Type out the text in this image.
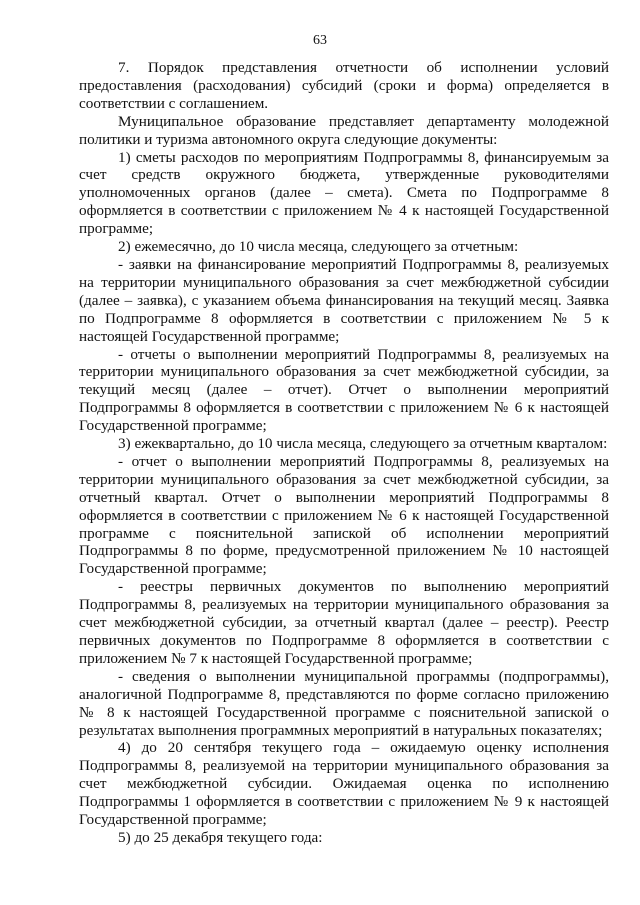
63

7. Порядок представления отчетности об исполнении условий предоставления (расходования) субсидий (сроки и форма) определяется в соответствии с соглашением.

Муниципальное образование представляет департаменту молодежной политики и туризма автономного округа следующие документы:

1) сметы расходов по мероприятиям Подпрограммы 8, финансируемым за счет средств окружного бюджета, утвержденные руководителями уполномоченных органов (далее – смета). Смета по Подпрограмме 8 оформляется в соответствии с приложением № 4 к настоящей Государственной программе;

2) ежемесячно, до 10 числа месяца, следующего за отчетным:

- заявки на финансирование мероприятий Подпрограммы 8, реализуемых на территории муниципального образования за счет межбюджетной субсидии (далее – заявка), с указанием объема финансирования на текущий месяц. Заявка по Подпрограмме 8 оформляется в соответствии с приложением № 5 к настоящей Государственной программе;

- отчеты о выполнении мероприятий Подпрограммы 8, реализуемых на территории муниципального образования за счет межбюджетной субсидии, за текущий месяц (далее – отчет). Отчет о выполнении мероприятий Подпрограммы 8 оформляется в соответствии с приложением № 6 к настоящей Государственной программе;

3) ежеквартально, до 10 числа месяца, следующего за отчетным кварталом:

- отчет о выполнении мероприятий Подпрограммы 8, реализуемых на территории муниципального образования за счет межбюджетной субсидии, за отчетный квартал. Отчет о выполнении мероприятий Подпрограммы 8 оформляется в соответствии с приложением № 6 к настоящей Государственной программе с пояснительной запиской об исполнении мероприятий Подпрограммы 8 по форме, предусмотренной приложением № 10 настоящей Государственной программе;

- реестры первичных документов по выполнению мероприятий Подпрограммы 8, реализуемых на территории муниципального образования за счет межбюджетной субсидии, за отчетный квартал (далее – реестр). Реестр первичных документов по Подпрограмме 8 оформляется в соответствии с приложением № 7 к настоящей Государственной программе;

- сведения о выполнении муниципальной программы (подпрограммы), аналогичной Подпрограмме 8, представляются по форме согласно приложению № 8 к настоящей Государственной программе с пояснительной запиской о результатах выполнения программных мероприятий в натуральных показателях;

4) до 20 сентября текущего года – ожидаемую оценку исполнения Подпрограммы 8, реализуемой на территории муниципального образования за счет межбюджетной субсидии. Ожидаемая оценка по исполнению Подпрограммы 1 оформляется в соответствии с приложением № 9 к настоящей Государственной программе;

5) до 25 декабря текущего года:
